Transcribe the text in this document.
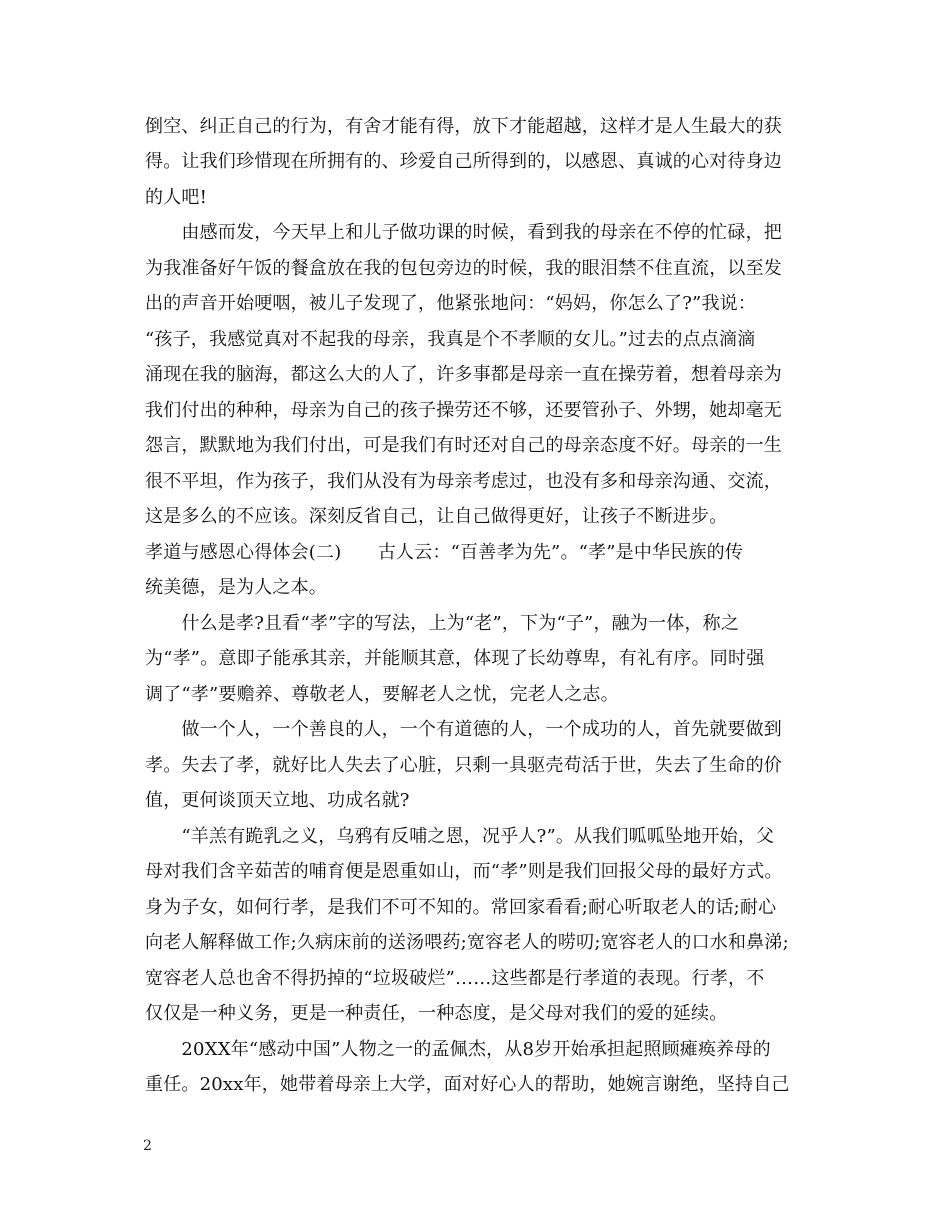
倒空、纠正自己的行为，有舍才能有得，放下才能超越，这样才是人生最大的获
得。让我们珍惜现在所拥有的、珍爱自己所得到的，以感恩、真诚的心对待身边
的人吧!
　　由感而发，今天早上和儿子做功课的时候，看到我的母亲在不停的忙碌，把
为我准备好午饭的餐盒放在我的包包旁边的时候，我的眼泪禁不住直流，以至发
出的声音开始哽咽，被儿子发现了，他紧张地问：“妈妈，你怎么了?”我说：
“孩子，我感觉真对不起我的母亲，我真是个不孝顺的女儿。”过去的点点滴滴
涌现在我的脑海，都这么大的人了，许多事都是母亲一直在操劳着，想着母亲为
我们付出的种种，母亲为自己的孩子操劳还不够，还要管孙子、外甥，她却毫无
怨言，默默地为我们付出，可是我们有时还对自己的母亲态度不好。母亲的一生
很不平坦，作为孩子，我们从没有为母亲考虑过，也没有多和母亲沟通、交流，
这是多么的不应该。深刻反省自己，让自己做得更好，让孩子不断进步。
孝道与感恩心得体会(二)　　古人云：“百善孝为先”。“孝”是中华民族的传
统美德，是为人之本。
　　什么是孝?且看“孝”字的写法，上为“老”，下为“子”，融为一体，称之
为“孝”。意即子能承其亲，并能顺其意，体现了长幼尊卑，有礼有序。同时强
调了“孝”要赡养、尊敬老人，要解老人之忧，完老人之志。
　　做一个人，一个善良的人，一个有道德的人，一个成功的人，首先就要做到
孝。失去了孝，就好比人失去了心脏，只剩一具驱壳苟活于世，失去了生命的价
值，更何谈顶天立地、功成名就?
　　“羊羔有跪乳之义，乌鸦有反哺之恩，况乎人?”。从我们呱呱坠地开始，父
母对我们含辛茹苦的哺育便是恩重如山，而“孝”则是我们回报父母的最好方式。
身为子女，如何行孝，是我们不可不知的。常回家看看;耐心听取老人的话;耐心
向老人解释做工作;久病床前的送汤喂药;宽容老人的唠叨;宽容老人的口水和鼻涕;
宽容老人总也舍不得扔掉的“垃圾破烂”……这些都是行孝道的表现。行孝，不
仅仅是一种义务，更是一种责任，一种态度，是父母对我们的爱的延续。
　　20XX年“感动中国”人物之一的孟佩杰，从8岁开始承担起照顾瘫痪养母的
重任。20xx年，她带着母亲上大学，面对好心人的帮助，她婉言谢绝，坚持自己
2
